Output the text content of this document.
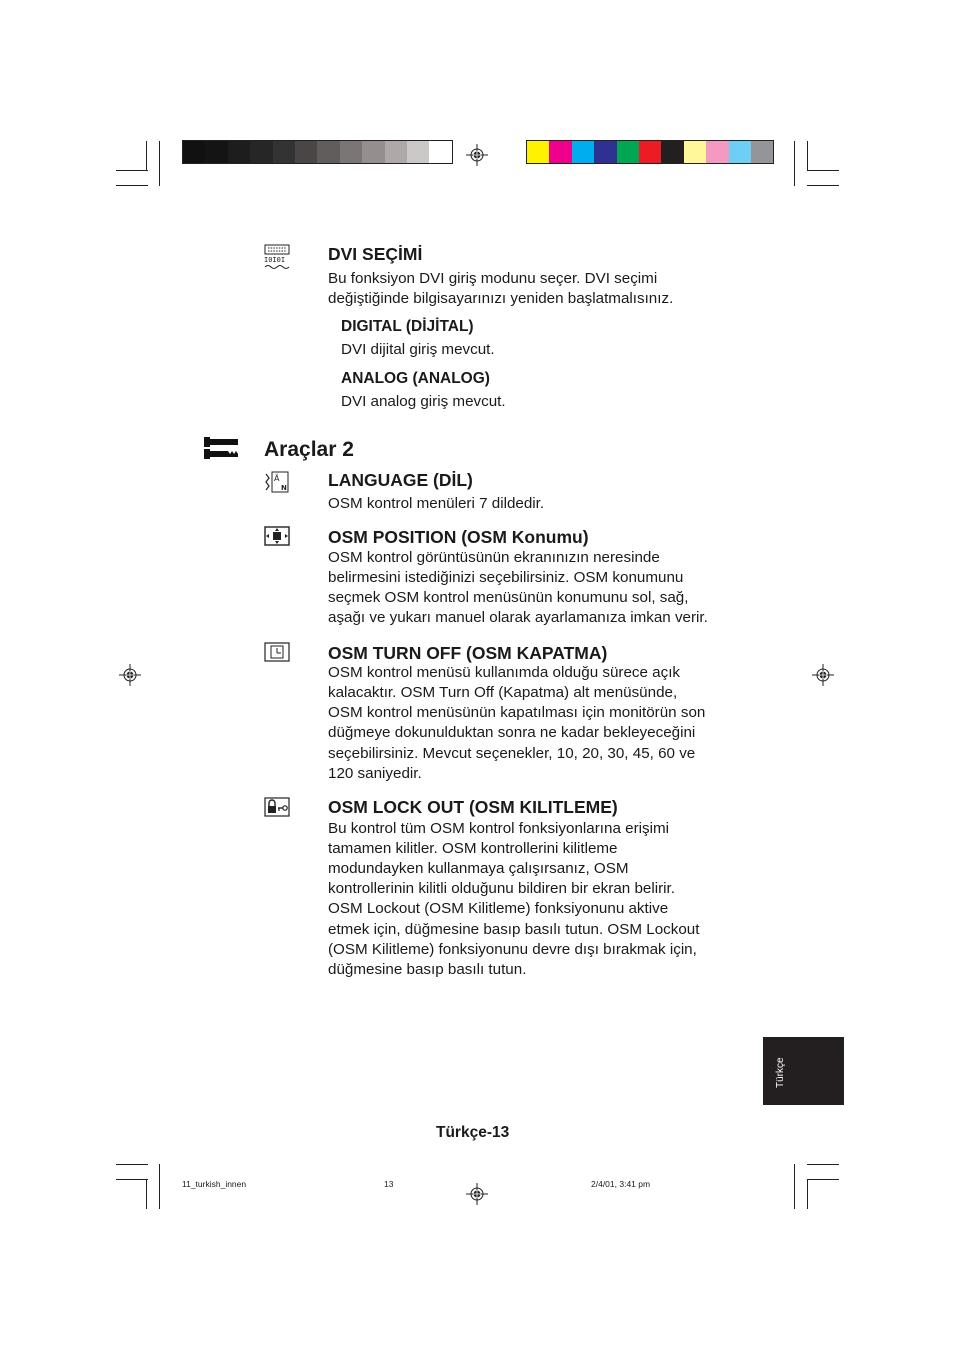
I0I0I DVI SEÇİMİ
Bu fonksiyon DVI giriş modunu seçer. DVI seçimi
değiştiğinde bilgisayarınızı yeniden başlatmalısınız.
DIGITAL (DİJİTAL)
DVI dijital giriş mevcut.
ANALOG (ANALOG)
DVI analog giriş mevcut.
Araçlar 2
Ä
N LANGUAGE (DİL)
OSM kontrol menüleri 7 dildedir.
OSM POSITION (OSM Konumu)
OSM kontrol görüntüsünün ekranınızın neresinde
belirmesini istediğinizi seçebilirsiniz. OSM konumunu
seçmek OSM kontrol menüsünün konumunu sol, sağ,
aşağı ve yukarı manuel olarak ayarlamanıza imkan verir.
OSM TURN OFF (OSM KAPATMA)
OSM kontrol menüsü kullanımda olduğu sürece açık
kalacaktır. OSM Turn Off (Kapatma) alt menüsünde,
OSM kontrol menüsünün kapatılması için monitörün son
düğmeye dokunulduktan sonra ne kadar bekleyeceğini
seçebilirsiniz. Mevcut seçenekler, 10, 20, 30, 45, 60 ve
120 saniyedir.
OSM LOCK OUT (OSM KILITLEME)
Bu kontrol tüm OSM kontrol fonksiyonlarına erişimi
tamamen kilitler. OSM kontrollerini kilitleme
modundayken kullanmaya çalışırsanız, OSM
kontrollerinin kilitli olduğunu bildiren bir ekran belirir.
OSM Lockout (OSM Kilitleme) fonksiyonunu aktive
etmek için, düğmesine basıp basılı tutun. OSM Lockout
(OSM Kilitleme) fonksiyonunu devre dışı bırakmak için,
düğmesine basıp basılı tutun.
Türkçe
Türkçe-13
11_turkish_innen	13	2/4/01, 3:41 pm
